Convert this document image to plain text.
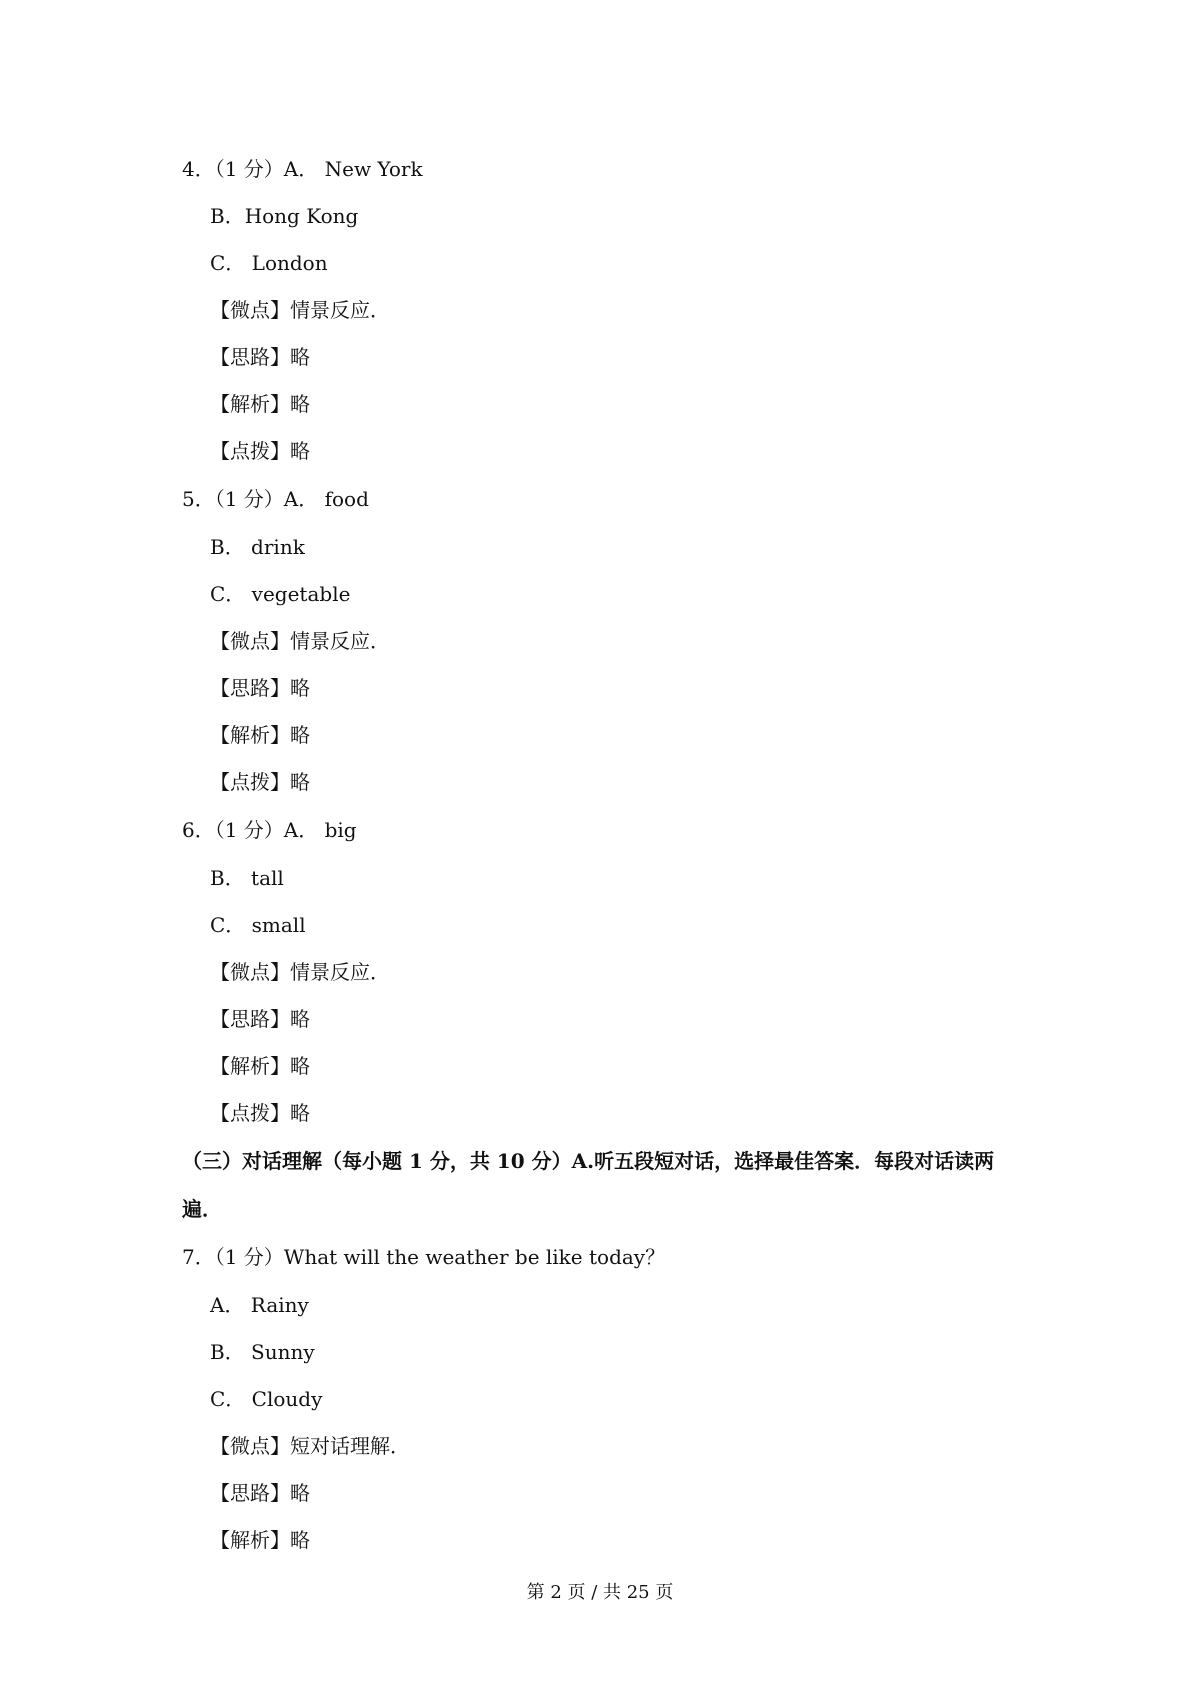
4．（1 分）A． New York
B．Hong Kong
C． London
【微点】情景反应．
【思路】略
【解析】略
【点拨】略
5．（1 分）A． food
B． drink
C． vegetable
【微点】情景反应．
【思路】略
【解析】略
【点拨】略
6．（1 分）A． big
B． tall
C． small
【微点】情景反应．
【思路】略
【解析】略
【点拨】略
（三）对话理解（每小题 1 分，共 10 分）A.听五段短对话，选择最佳答案．每段对话读两
遍．
7．（1 分）What will the weather be like today？
A． Rainy
B． Sunny
C． Cloudy
【微点】短对话理解．
【思路】略
【解析】略
第 2 页 / 共 25 页
